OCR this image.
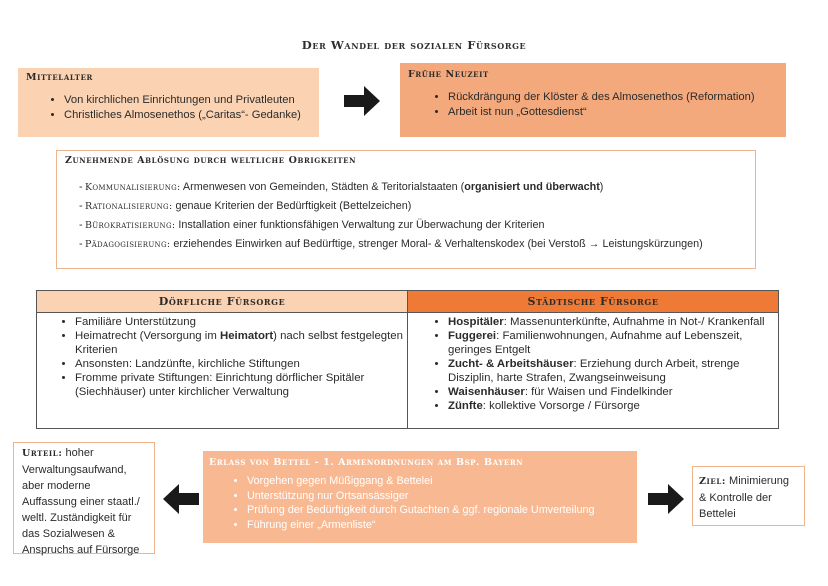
Der Wandel der sozialen Fürsorge
Mittelalter
• Von kirchlichen Einrichtungen und Privatleuten
• Christliches Almosenethos („Caritas“- Gedanke)
Frühe Neuzeit
• Rückdrängung der Klöster & des Almosenethos (Reformation)
• Arbeit ist nun „Gottesdienst“
Zunehmende Ablösung durch weltliche Obrigkeiten
- Kommunalisierung: Armenwesen von Gemeinden, Städten & Teritorialstaaten (organisiert und überwacht)
- Rationalisierung: genaue Kriterien der Bedürftigkeit (Bettelzeichen)
- Bürokratisierung: Installation einer funktionsfähigen Verwaltung zur Überwachung der Kriterien
- Pädagogisierung: erziehendes Einwirken auf Bedürftige, strenger Moral- & Verhaltenskodex (bei Verstoß → Leistungskürzungen)
Dörfliche Fürsorge	Städtische Fürsorge
• Familiäre Unterstützung
• Heimatrecht (Versorgung im Heimatort) nach selbst festgelegten Kriterien
• Ansonsten: Landzünfte, kirchliche Stiftungen
• Fromme private Stiftungen: Einrichtung dörflicher Spitäler (Siechhäuser) unter kirchlicher Verwaltung
• Hospitäler: Massenunterkünfte, Aufnahme in Not-/ Krankenfall
• Fuggerei: Familienwohnungen, Aufnahme auf Lebenszeit, geringes Entgelt
• Zucht- & Arbeitshäuser: Erziehung durch Arbeit, strenge Disziplin, harte Strafen, Zwangseinweisung
• Waisenhäuser: für Waisen und Findelkinder
• Zünfte: kollektive Vorsorge / Fürsorge
Urteil: hoher Verwaltungsaufwand, aber moderne Auffassung einer staatl./ weltl. Zuständigkeit für das Sozialwesen & Anspruchs auf Fürsorge
Erlass von Bettel - 1. Armenordnungen am Bsp. Bayern
• Vorgehen gegen Müßiggang & Bettelei
• Unterstützung nur Ortsansässiger
• Prüfung der Bedürftigkeit durch Gutachten & ggf. regionale Umverteilung
• Führung einer „Armenliste“
Ziel: Minimierung & Kontrolle der Bettelei
